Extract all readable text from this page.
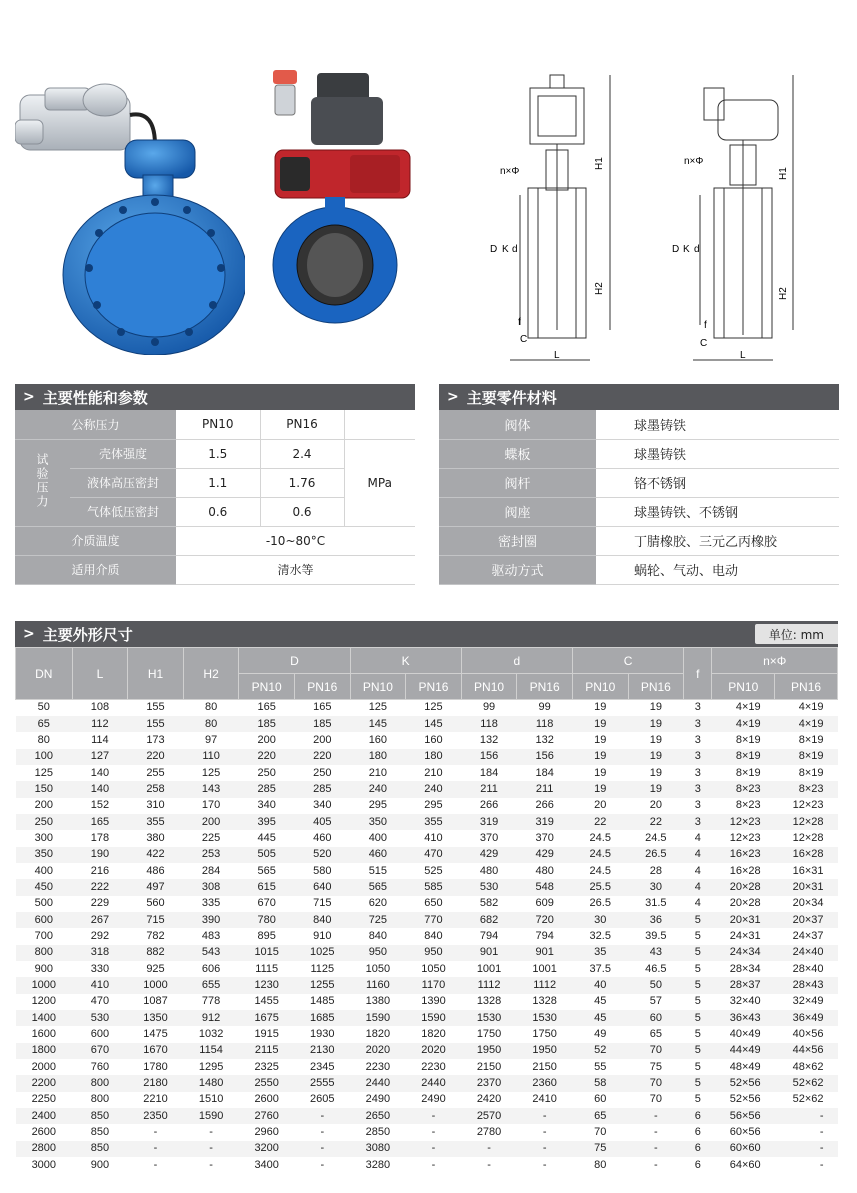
n×Φ
H1
H2
D K d
f
C
L
n×Φ
H1
H2
D K d
f
C
L
> 主要性能和参数
公称压力		PN10	PN16	
试验压力	壳体强度	1.5	2.4	MPa
	液体高压密封	1.1	1.76	
	气体低压密封	0.6	0.6	
介质温度		-10~80°C		
适用介质		清水等		
> 主要零件材料
阀体	球墨铸铁
蝶板	球墨铸铁
阀杆	铬不锈钢
阀座	球墨铸铁、不锈钢
密封圈	丁腈橡胶、三元乙丙橡胶
驱动方式	蜗轮、气动、电动
> 主要外形尺寸	单位: mm
DN	L	H1	H2	D		K		d		C		f	n×Φ	
				PN10	PN16	PN10	PN16	PN10	PN16	PN10	PN16		PN10	PN16
50	108	155	80	165	165	125	125	99	99	19	19	3	4×19	4×19
65	112	155	80	185	185	145	145	118	118	19	19	3	4×19	4×19
80	114	173	97	200	200	160	160	132	132	19	19	3	8×19	8×19
100	127	220	110	220	220	180	180	156	156	19	19	3	8×19	8×19
125	140	255	125	250	250	210	210	184	184	19	19	3	8×19	8×19
150	140	258	143	285	285	240	240	211	211	19	19	3	8×23	8×23
200	152	310	170	340	340	295	295	266	266	20	20	3	8×23	12×23
250	165	355	200	395	405	350	355	319	319	22	22	3	12×23	12×28
300	178	380	225	445	460	400	410	370	370	24.5	24.5	4	12×23	12×28
350	190	422	253	505	520	460	470	429	429	24.5	26.5	4	16×23	16×28
400	216	486	284	565	580	515	525	480	480	24.5	28	4	16×28	16×31
450	222	497	308	615	640	565	585	530	548	25.5	30	4	20×28	20×31
500	229	560	335	670	715	620	650	582	609	26.5	31.5	4	20×28	20×34
600	267	715	390	780	840	725	770	682	720	30	36	5	20×31	20×37
700	292	782	483	895	910	840	840	794	794	32.5	39.5	5	24×31	24×37
800	318	882	543	1015	1025	950	950	901	901	35	43	5	24×34	24×40
900	330	925	606	1115	1125	1050	1050	1001	1001	37.5	46.5	5	28×34	28×40
1000	410	1000	655	1230	1255	1160	1170	1112	1112	40	50	5	28×37	28×43
1200	470	1087	778	1455	1485	1380	1390	1328	1328	45	57	5	32×40	32×49
1400	530	1350	912	1675	1685	1590	1590	1530	1530	45	60	5	36×43	36×49
1600	600	1475	1032	1915	1930	1820	1820	1750	1750	49	65	5	40×49	40×56
1800	670	1670	1154	2115	2130	2020	2020	1950	1950	52	70	5	44×49	44×56
2000	760	1780	1295	2325	2345	2230	2230	2150	2150	55	75	5	48×49	48×62
2200	800	2180	1480	2550	2555	2440	2440	2370	2360	58	70	5	52×56	52×62
2250	800	2210	1510	2600	2605	2490	2490	2420	2410	60	70	5	52×56	52×62
2400	850	2350	1590	2760	-	2650	-	2570	-	65	-	6	56×56	-
2600	850	-	-	2960	-	2850	-	2780	-	70	-	6	60×56	-
2800	850	-	-	3200	-	3080	-	-	-	75	-	6	60×60	-
3000	900	-	-	3400	-	3280	-	-	-	80	-	6	64×60	-
